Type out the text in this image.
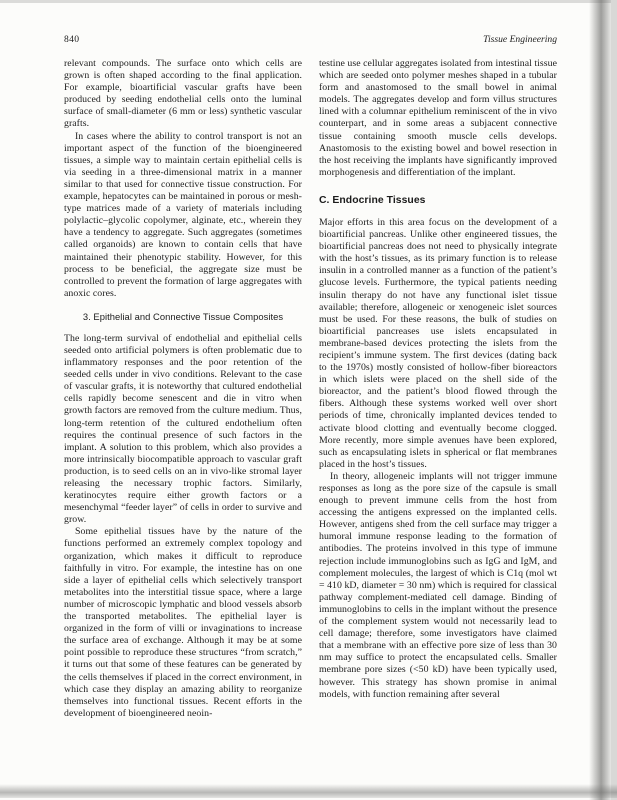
840	Tissue Engineering

relevant compounds. The surface onto which cells are grown is often shaped according to the final application. For example, bioartificial vascular grafts have been produced by seeding endothelial cells onto the luminal surface of small-diameter (6 mm or less) synthetic vascular grafts.

In cases where the ability to control transport is not an important aspect of the function of the bioengineered tissues, a simple way to maintain certain epithelial cells is via seeding in a three-dimensional matrix in a manner similar to that used for connective tissue construction. For example, hepatocytes can be maintained in porous or mesh-type matrices made of a variety of materials including polylactic–glycolic copolymer, alginate, etc., wherein they have a tendency to aggregate. Such aggregates (sometimes called organoids) are known to contain cells that have maintained their phenotypic stability. However, for this process to be beneficial, the aggregate size must be controlled to prevent the formation of large aggregates with anoxic cores.

3. Epithelial and Connective Tissue Composites

The long-term survival of endothelial and epithelial cells seeded onto artificial polymers is often problematic due to inflammatory responses and the poor retention of the seeded cells under in vivo conditions. Relevant to the case of vascular grafts, it is noteworthy that cultured endothelial cells rapidly become senescent and die in vitro when growth factors are removed from the culture medium. Thus, long-term retention of the cultured endothelium often requires the continual presence of such factors in the implant. A solution to this problem, which also provides a more intrinsically biocompatible approach to vascular graft production, is to seed cells on an in vivo-like stromal layer releasing the necessary trophic factors. Similarly, keratinocytes require either growth factors or a mesenchymal “feeder layer” of cells in order to survive and grow.

Some epithelial tissues have by the nature of the functions performed an extremely complex topology and organization, which makes it difficult to reproduce faithfully in vitro. For example, the intestine has on one side a layer of epithelial cells which selectively transport metabolites into the interstitial tissue space, where a large number of microscopic lymphatic and blood vessels absorb the transported metabolites. The epithelial layer is organized in the form of villi or invaginations to increase the surface area of exchange. Although it may be at some point possible to reproduce these structures “from scratch,” it turns out that some of these features can be generated by the cells themselves if placed in the correct environment, in which case they display an amazing ability to reorganize themselves into functional tissues. Recent efforts in the development of bioengineered neoin-

testine use cellular aggregates isolated from intestinal tissue which are seeded onto polymer meshes shaped in a tubular form and anastomosed to the small bowel in animal models. The aggregates develop and form villus structures lined with a columnar epithelium reminiscent of the in vivo counterpart, and in some areas a subjacent connective tissue containing smooth muscle cells develops. Anastomosis to the existing bowel and bowel resection in the host receiving the implants have significantly improved morphogenesis and differentiation of the implant.

C. Endocrine Tissues

Major efforts in this area focus on the development of a bioartificial pancreas. Unlike other engineered tissues, the bioartificial pancreas does not need to physically integrate with the host’s tissues, as its primary function is to release insulin in a controlled manner as a function of the patient’s glucose levels. Furthermore, the typical patients needing insulin therapy do not have any functional islet tissue available; therefore, allogeneic or xenogeneic islet sources must be used. For these reasons, the bulk of studies on bioartificial pancreases use islets encapsulated in membrane-based devices protecting the islets from the recipient’s immune system. The first devices (dating back to the 1970s) mostly consisted of hollow-fiber bioreactors in which islets were placed on the shell side of the bioreactor, and the patient’s blood flowed through the fibers. Although these systems worked well over short periods of time, chronically implanted devices tended to activate blood clotting and eventually become clogged. More recently, more simple avenues have been explored, such as encapsulating islets in spherical or flat membranes placed in the host’s tissues.

In theory, allogeneic implants will not trigger immune responses as long as the pore size of the capsule is small enough to prevent immune cells from the host from accessing the antigens expressed on the implanted cells. However, antigens shed from the cell surface may trigger a humoral immune response leading to the formation of antibodies. The proteins involved in this type of immune rejection include immunoglobins such as IgG and IgM, and complement molecules, the largest of which is C1q (mol wt = 410 kD, diameter = 30 nm) which is required for classical pathway complement-mediated cell damage. Binding of immunoglobins to cells in the implant without the presence of the complement system would not necessarily lead to cell damage; therefore, some investigators have claimed that a membrane with an effective pore size of less than 30 nm may suffice to protect the encapsulated cells. Smaller membrane pore sizes (<50 kD) have been typically used, however. This strategy has shown promise in animal models, with function remaining after several
